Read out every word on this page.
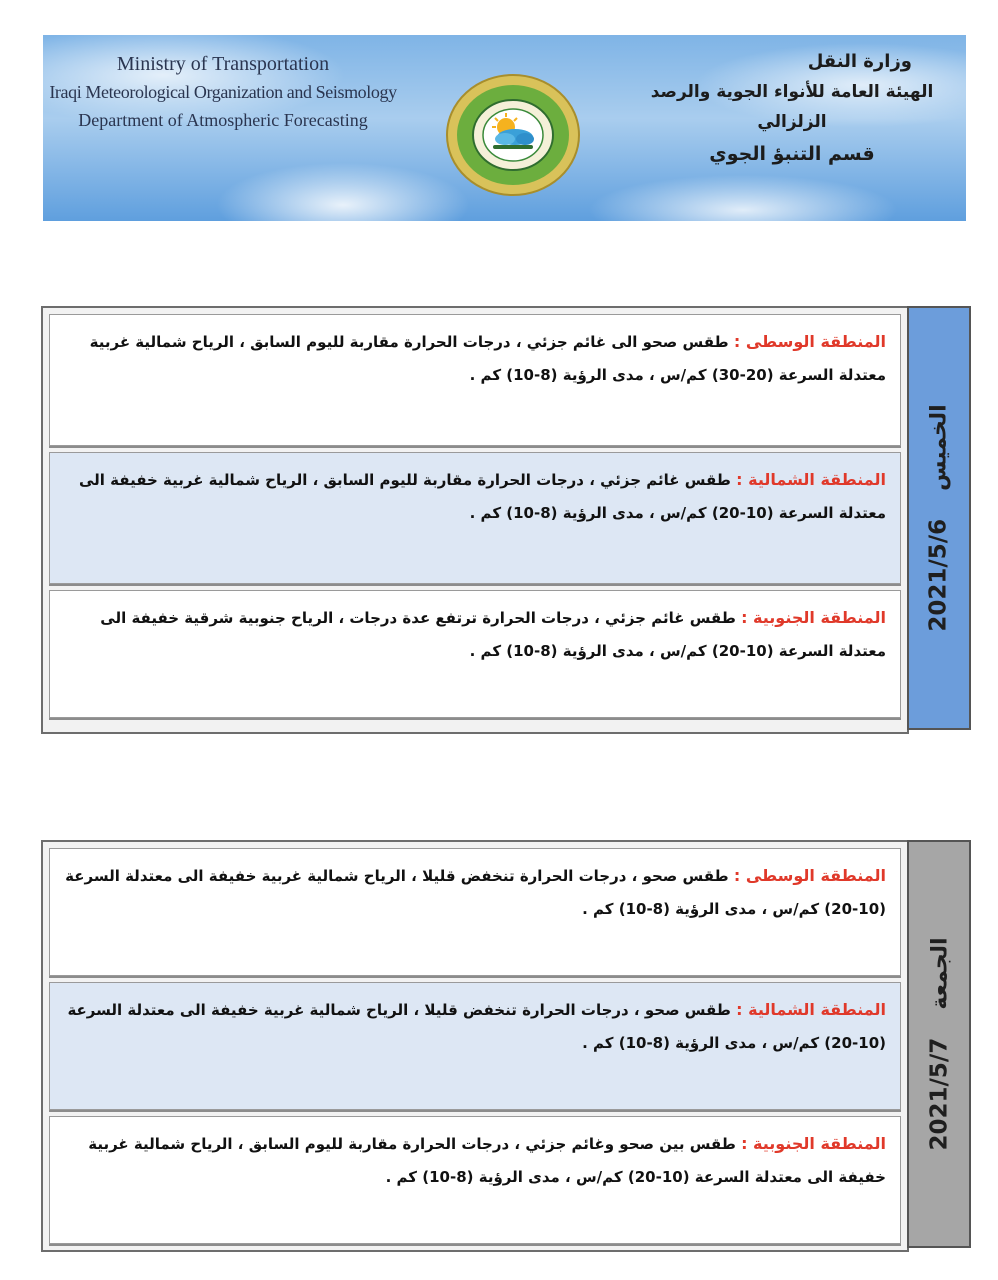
Ministry of Transportation
Iraqi Meteorological Organization and Seismology
Department of Atmospheric Forecasting
وزارة النقل
الهيئة العامة للأنواء الجوية والرصد الزلزالي
قسم التنبؤ الجوي
المنطقة الوسطى : طقس صحو الى غائم جزئي ، درجات الحرارة مقاربة لليوم السابق ، الرياح شمالية غربية معتدلة السرعة (20-30) كم/س ، مدى الرؤية (8-10) كم .
المنطقة الشمالية : طقس غائم جزئي ، درجات الحرارة مقاربة لليوم السابق ، الرياح شمالية غربية خفيفة الى معتدلة السرعة (10-20) كم/س ، مدى الرؤية (8-10) كم .
المنطقة الجنوبية : طقس غائم جزئي ، درجات الحرارة ترتفع عدة درجات ، الرياح جنوبية شرقية خفيفة الى معتدلة السرعة (10-20) كم/س ، مدى الرؤية (8-10) كم .
2021/5/6
الخميس
المنطقة الوسطى : طقس صحو ، درجات الحرارة تنخفض قليلا ، الرياح شمالية غربية خفيفة الى معتدلة السرعة (10-20) كم/س ، مدى الرؤية (8-10) كم .
المنطقة الشمالية : طقس صحو ، درجات الحرارة تنخفض قليلا ، الرياح شمالية غربية خفيفة الى معتدلة السرعة (10-20) كم/س ، مدى الرؤية (8-10) كم .
المنطقة الجنوبية : طقس بين صحو وغائم جزئي ، درجات الحرارة مقاربة لليوم السابق ، الرياح شمالية غربية خفيفة الى معتدلة السرعة (10-20) كم/س ، مدى الرؤية (8-10) كم .
2021/5/7
الجمعة
